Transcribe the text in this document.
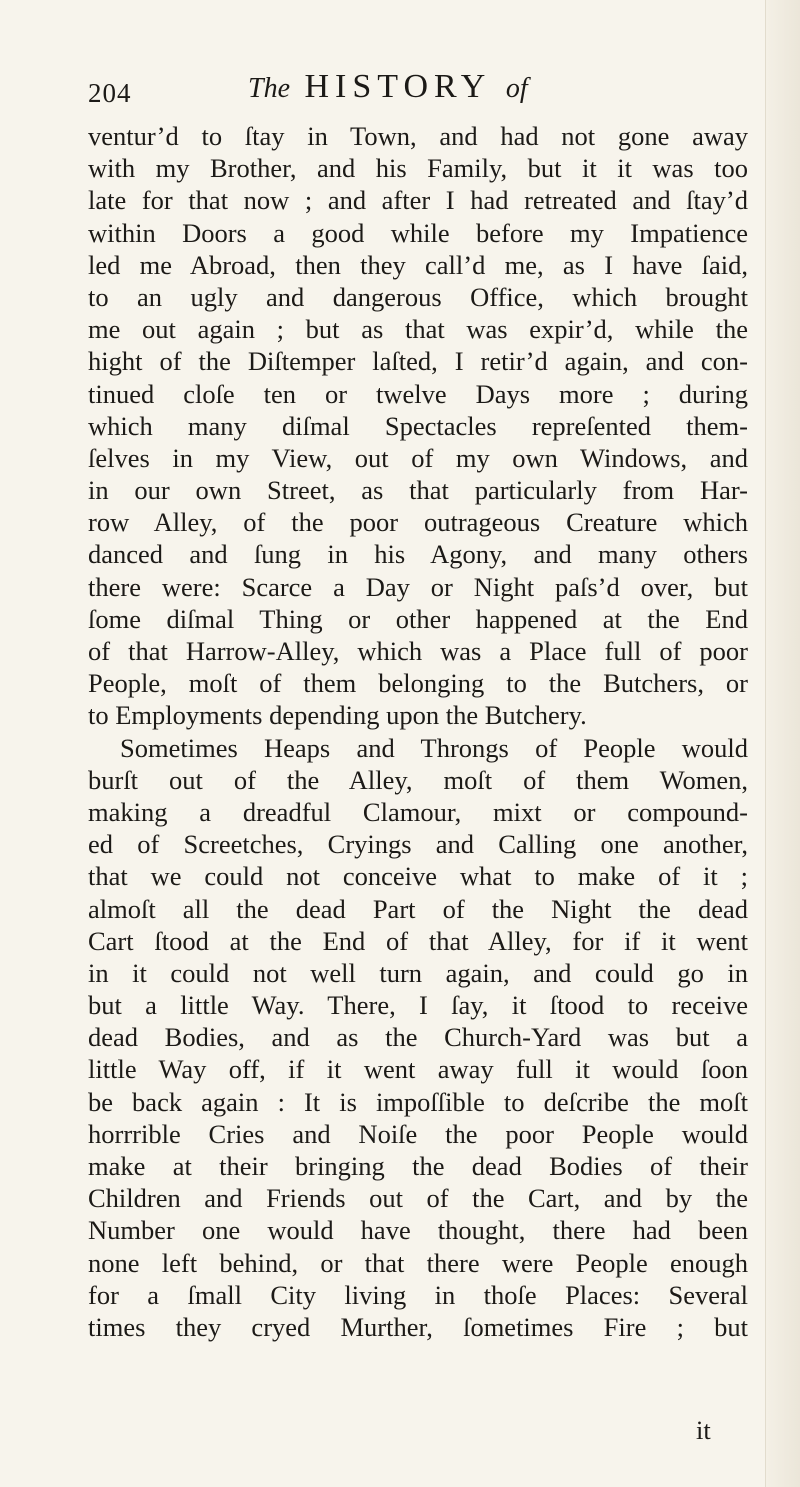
204	The HISTORY of
ventur’d to ſtay in Town, and had not gone away
with my Brother, and his Family, but it it was too
late for that now ; and after I had retreated and ſtay’d
within Doors a good while before my Impatience
led me Abroad, then they call’d me, as I have ſaid,
to an ugly and dangerous Office, which brought
me out again ; but as that was expir’d, while the
hight of the Diſtemper laſted, I retir’d again, and con-
tinued cloſe ten or twelve Days more ; during
which many diſmal Spectacles repreſented them-
ſelves in my View, out of my own Windows, and
in our own Street, as that particularly from Har-
row Alley, of the poor outrageous Creature which
danced and ſung in his Agony, and many others
there were: Scarce a Day or Night paſs’d over, but
ſome diſmal Thing or other happened at the End
of that Harrow-Alley, which was a Place full of poor
People, moſt of them belonging to the Butchers, or
to Employments depending upon the Butchery.
Sometimes Heaps and Throngs of People would
burſt out of the Alley, moſt of them Women,
making a dreadful Clamour, mixt or compound-
ed of Screetches, Cryings and Calling one another,
that we could not conceive what to make of it ;
almoſt all the dead Part of the Night the dead
Cart ſtood at the End of that Alley, for if it went
in it could not well turn again, and could go in
but a little Way. There, I ſay, it ſtood to receive
dead Bodies, and as the Church-Yard was but a
little Way off, if it went away full it would ſoon
be back again : It is impoſſible to deſcribe the moſt
horrrible Cries and Noiſe the poor People would
make at their bringing the dead Bodies of their
Children and Friends out of the Cart, and by the
Number one would have thought, there had been
none left behind, or that there were People enough
for a ſmall City living in thoſe Places: Several
times they cryed Murther, ſometimes Fire ; but
it
